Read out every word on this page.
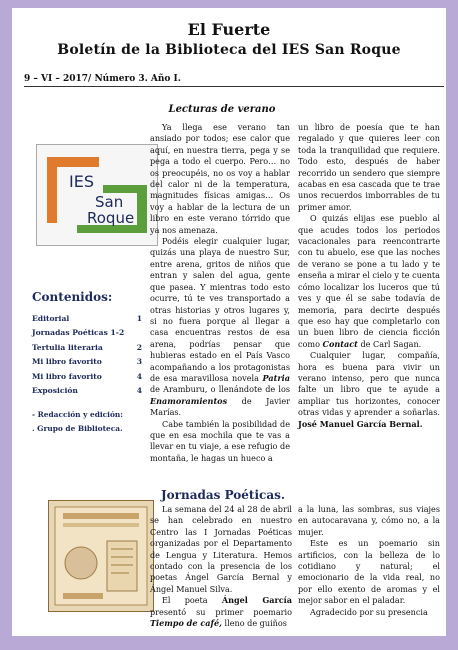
El Fuerte
Boletín de la Biblioteca del IES San Roque
9 – VI – 2017/ Número 3. Año I.
IES
San
Roque
Contenidos:
Editorial	1
Jornadas Poéticas 1-2
Tertulia literaria	2
Mi libro favorito	3
Mi libro favorito	4
Exposición	4
- Redacción y edición:
. Grupo de Biblioteca.
Lecturas de verano

Ya llega ese verano tan ansiado por todos; ese calor que aquí, en nuestra tierra, pega y se pega a todo el cuerpo. Pero… no os preocupéis, no os voy a hablar del calor ni de la temperatura, magnitudes físicas amigas… Os voy a hablar de la lectura de un libro en este verano tórrido que ya nos amenaza.

Podéis elegir cualquier lugar, quizás una playa de nuestro Sur, entre arena, gritos de niños que entran y salen del agua, gente que pasea. Y mientras todo esto ocurre, tú te ves transportado a otras historias y otros lugares y, si no fuera porque al llegar a casa encuentras restos de esa arena, podrías pensar que hubieras estado en el País Vasco acompañando a los protagonistas de esa maravillosa novela Patria de Aramburu, o llenándote de los Enamoramientos de Javier Marías.

Cabe también la posibilidad de que en esa mochila que te vas a llevar en tu viaje, a ese refugio de montaña, le hagas un hueco a

un libro de poesía que te han regalado y que quieres leer con toda la tranquilidad que requiere. Todo esto, después de haber recorrido un sendero que siempre acabas en esa cascada que te trae unos recuerdos imborrables de tu primer amor.

O quizás elijas ese pueblo al que acudes todos los periodos vacacionales para reencontrarte con tu abuelo, ese que las noches de verano se pone a tu lado y te enseña a mirar el cielo y te cuenta cómo localizar los luceros que tú ves y que él se sabe todavía de memoria, para decirte después que eso hay que completarlo con un buen libro de ciencia ficción como Contact de Carl Sagan.

Cualquier lugar, compañía, hora es buena para vivir un verano intenso, pero que nunca falte un libro que te ayude a ampliar tus horizontes, conocer otras vidas y aprender a soñarlas. José Manuel García Bernal.

Jornadas Poéticas.

La semana del 24 al 28 de abril se han celebrado en nuestro Centro las I Jornadas Poéticas organizadas por el Departamento de Lengua y Literatura. Hemos contado con la presencia de los poetas Ángel García Bernal y Ángel Manuel Silva.

El poeta Ángel García presentó su primer poemario Tiempo de café, lleno de guiños

a la luna, las sombras, sus viajes en autocaravana y, cómo no, a la mujer.

Este es un poemario sin artificios, con la belleza de lo cotidiano y natural; el emocionario de la vida real, no por ello exento de aromas y el mejor sabor en el paladar.

Agradecido por su presencia
